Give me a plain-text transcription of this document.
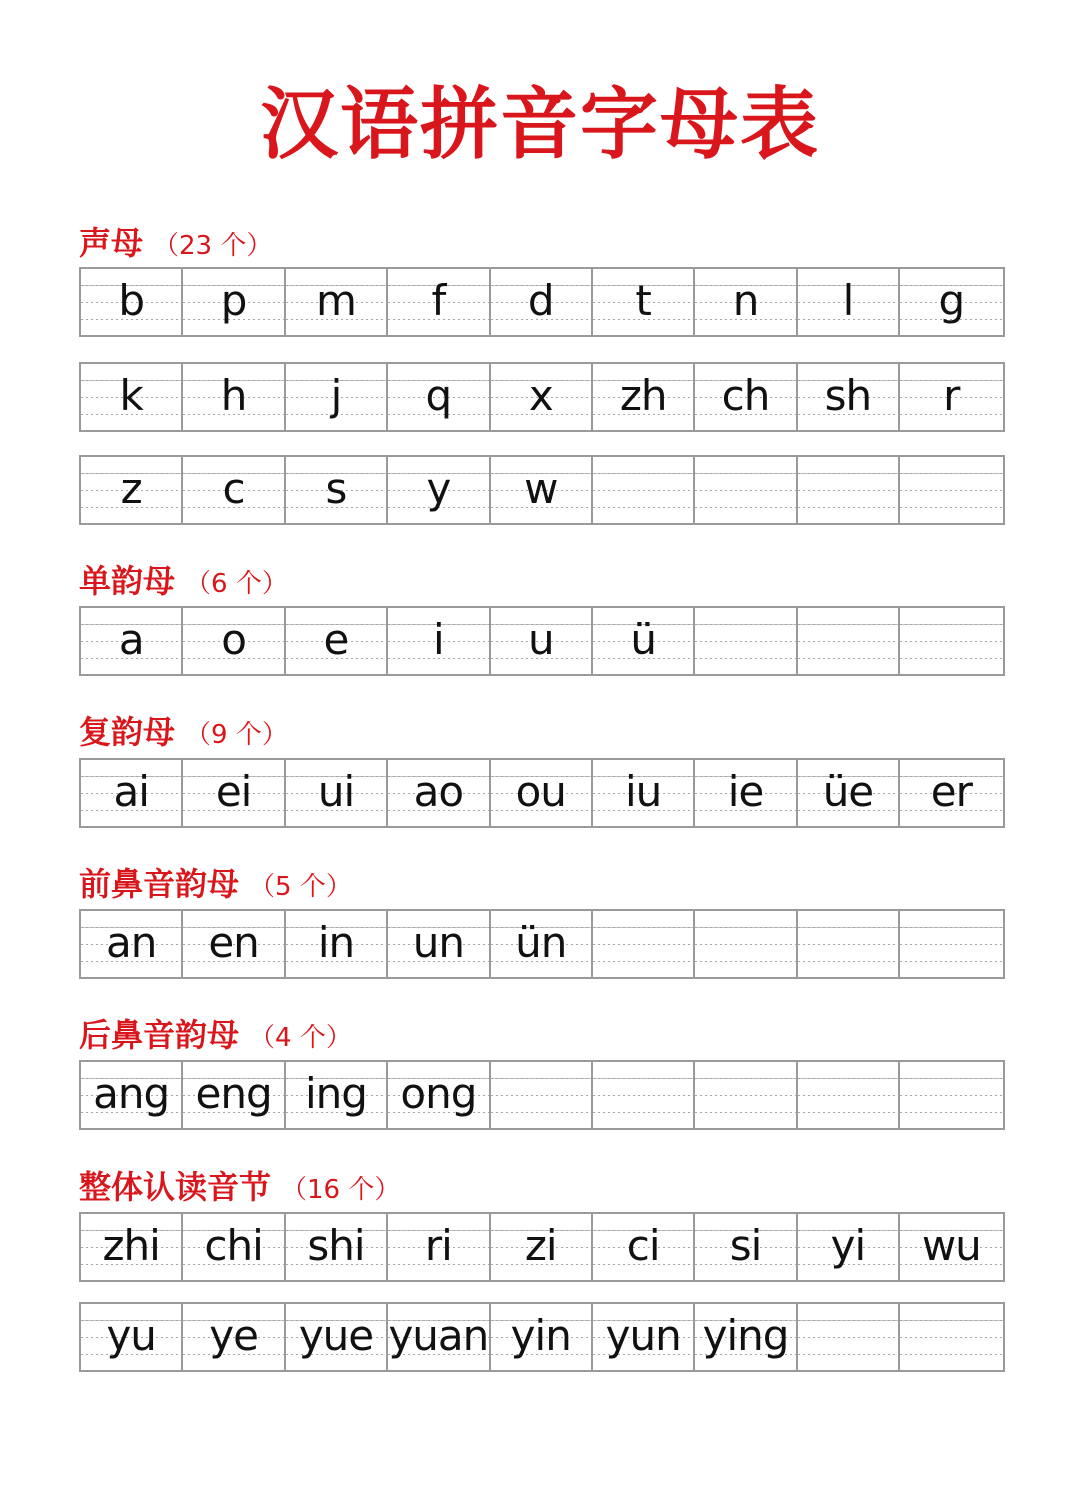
汉语拼音字母表
声母 （23 个）
b	p	m	f	d	t	n	l	g
k	h	j	q	x	zh	ch	sh	r
z	c	s	y	w
单韵母 （6 个）
a	o	e	i	u	ü
复韵母 （9 个）
ai	ei	ui	ao	ou	iu	ie	üe	er
前鼻音韵母 （5 个）
an	en	in	un	ün
后鼻音韵母 （4 个）
ang eng ing ong
整体认读音节 （16 个）
zhi	chi	shi	ri	zi	ci	si	yi	wu
yu	ye yue yuan yin yun ying
